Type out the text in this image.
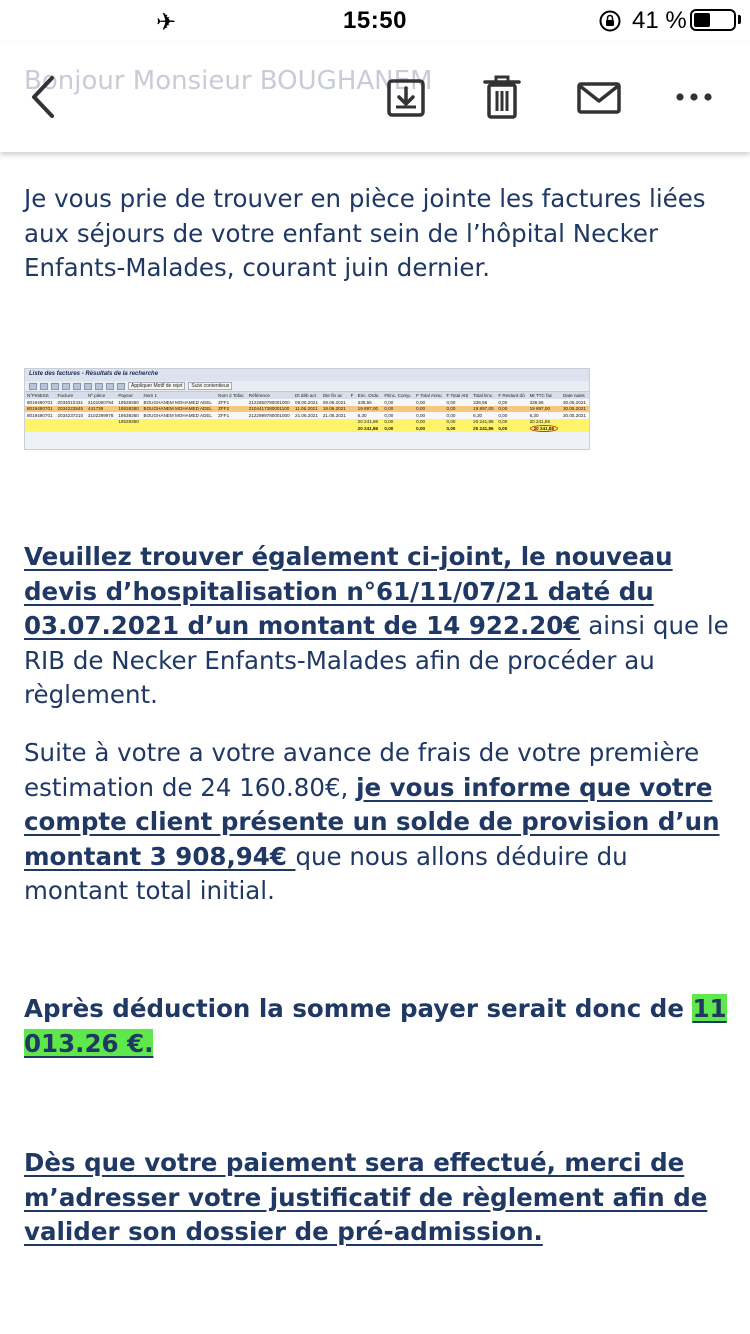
✈	15:50	41 %
Bonjour Monsieur BOUGHANEM

Je vous prie de trouver en pièce jointe les factures liées aux séjours de votre enfant sein de l’hôpital Necker Enfants-Malades, courant juin dernier.

Liste des factures - Résultats de la recherche
Appliquer Motif de rejet	Suivi contentieux
N°FINESS	Facture	Nº pièce	Payeur	Nom 1	Nom 2 Tofac	Référence	Dt déb act	Dte fin ac	F	Enc. Ordo.	FEnc. Comp.	F Total Annu	F Total Attr	Total Enc.	F Restant dû	Mt TTC fac	Date naiss
8019490701	2034010431	3101060784	19538360	BOUGHANEM MOHAMED ADEL	ZFF1	2122860780001000	09.06.2021	09.06.2021		338,56	0,00	0,00	0,00	338,56	0,00	338,56	30.05.2021
8019490701	2034223845	441739	19538360	BOUGHANEM MOHAMED ADEL	ZFF2	2104417380001100	11.06.2021	18.06.2021		19 897,00	0,00	0,00	0,00	19 897,00	0,00	19 897,00	30.05.2021
8019490701	2034237210	3102299978	19538360	BOUGHANEM MOHAMED ADEL	ZFF1	2122999780001000	21.06.2021	21.06.2021		6,30	0,00	0,00	0,00	6,30	0,00	6,30	30.05.2021
			19538360							20 241,86	0,00	0,00	0,00	20 241,86	0,00	20 241,86	
										20 241,86	0,00	0,00	0,00	20 241,86	0,00	20 241,86	

Veuillez trouver également ci-joint, le nouveau devis d’hospitalisation n°61/11/07/21 daté du 03.07.2021 d’un montant de 14 922.20€ ainsi que le RIB de Necker Enfants-Malades afin de procéder au règlement.

Suite à votre a votre avance de frais de votre première estimation de 24 160.80€, je vous informe que votre compte client présente un solde de provision d’un montant 3 908,94€ que nous allons déduire du montant total initial.

Après déduction la somme payer serait donc de 11 013.26 €.

Dès que votre paiement sera effectué, merci de m’adresser votre justificatif de règlement afin de valider son dossier de pré-admission.
